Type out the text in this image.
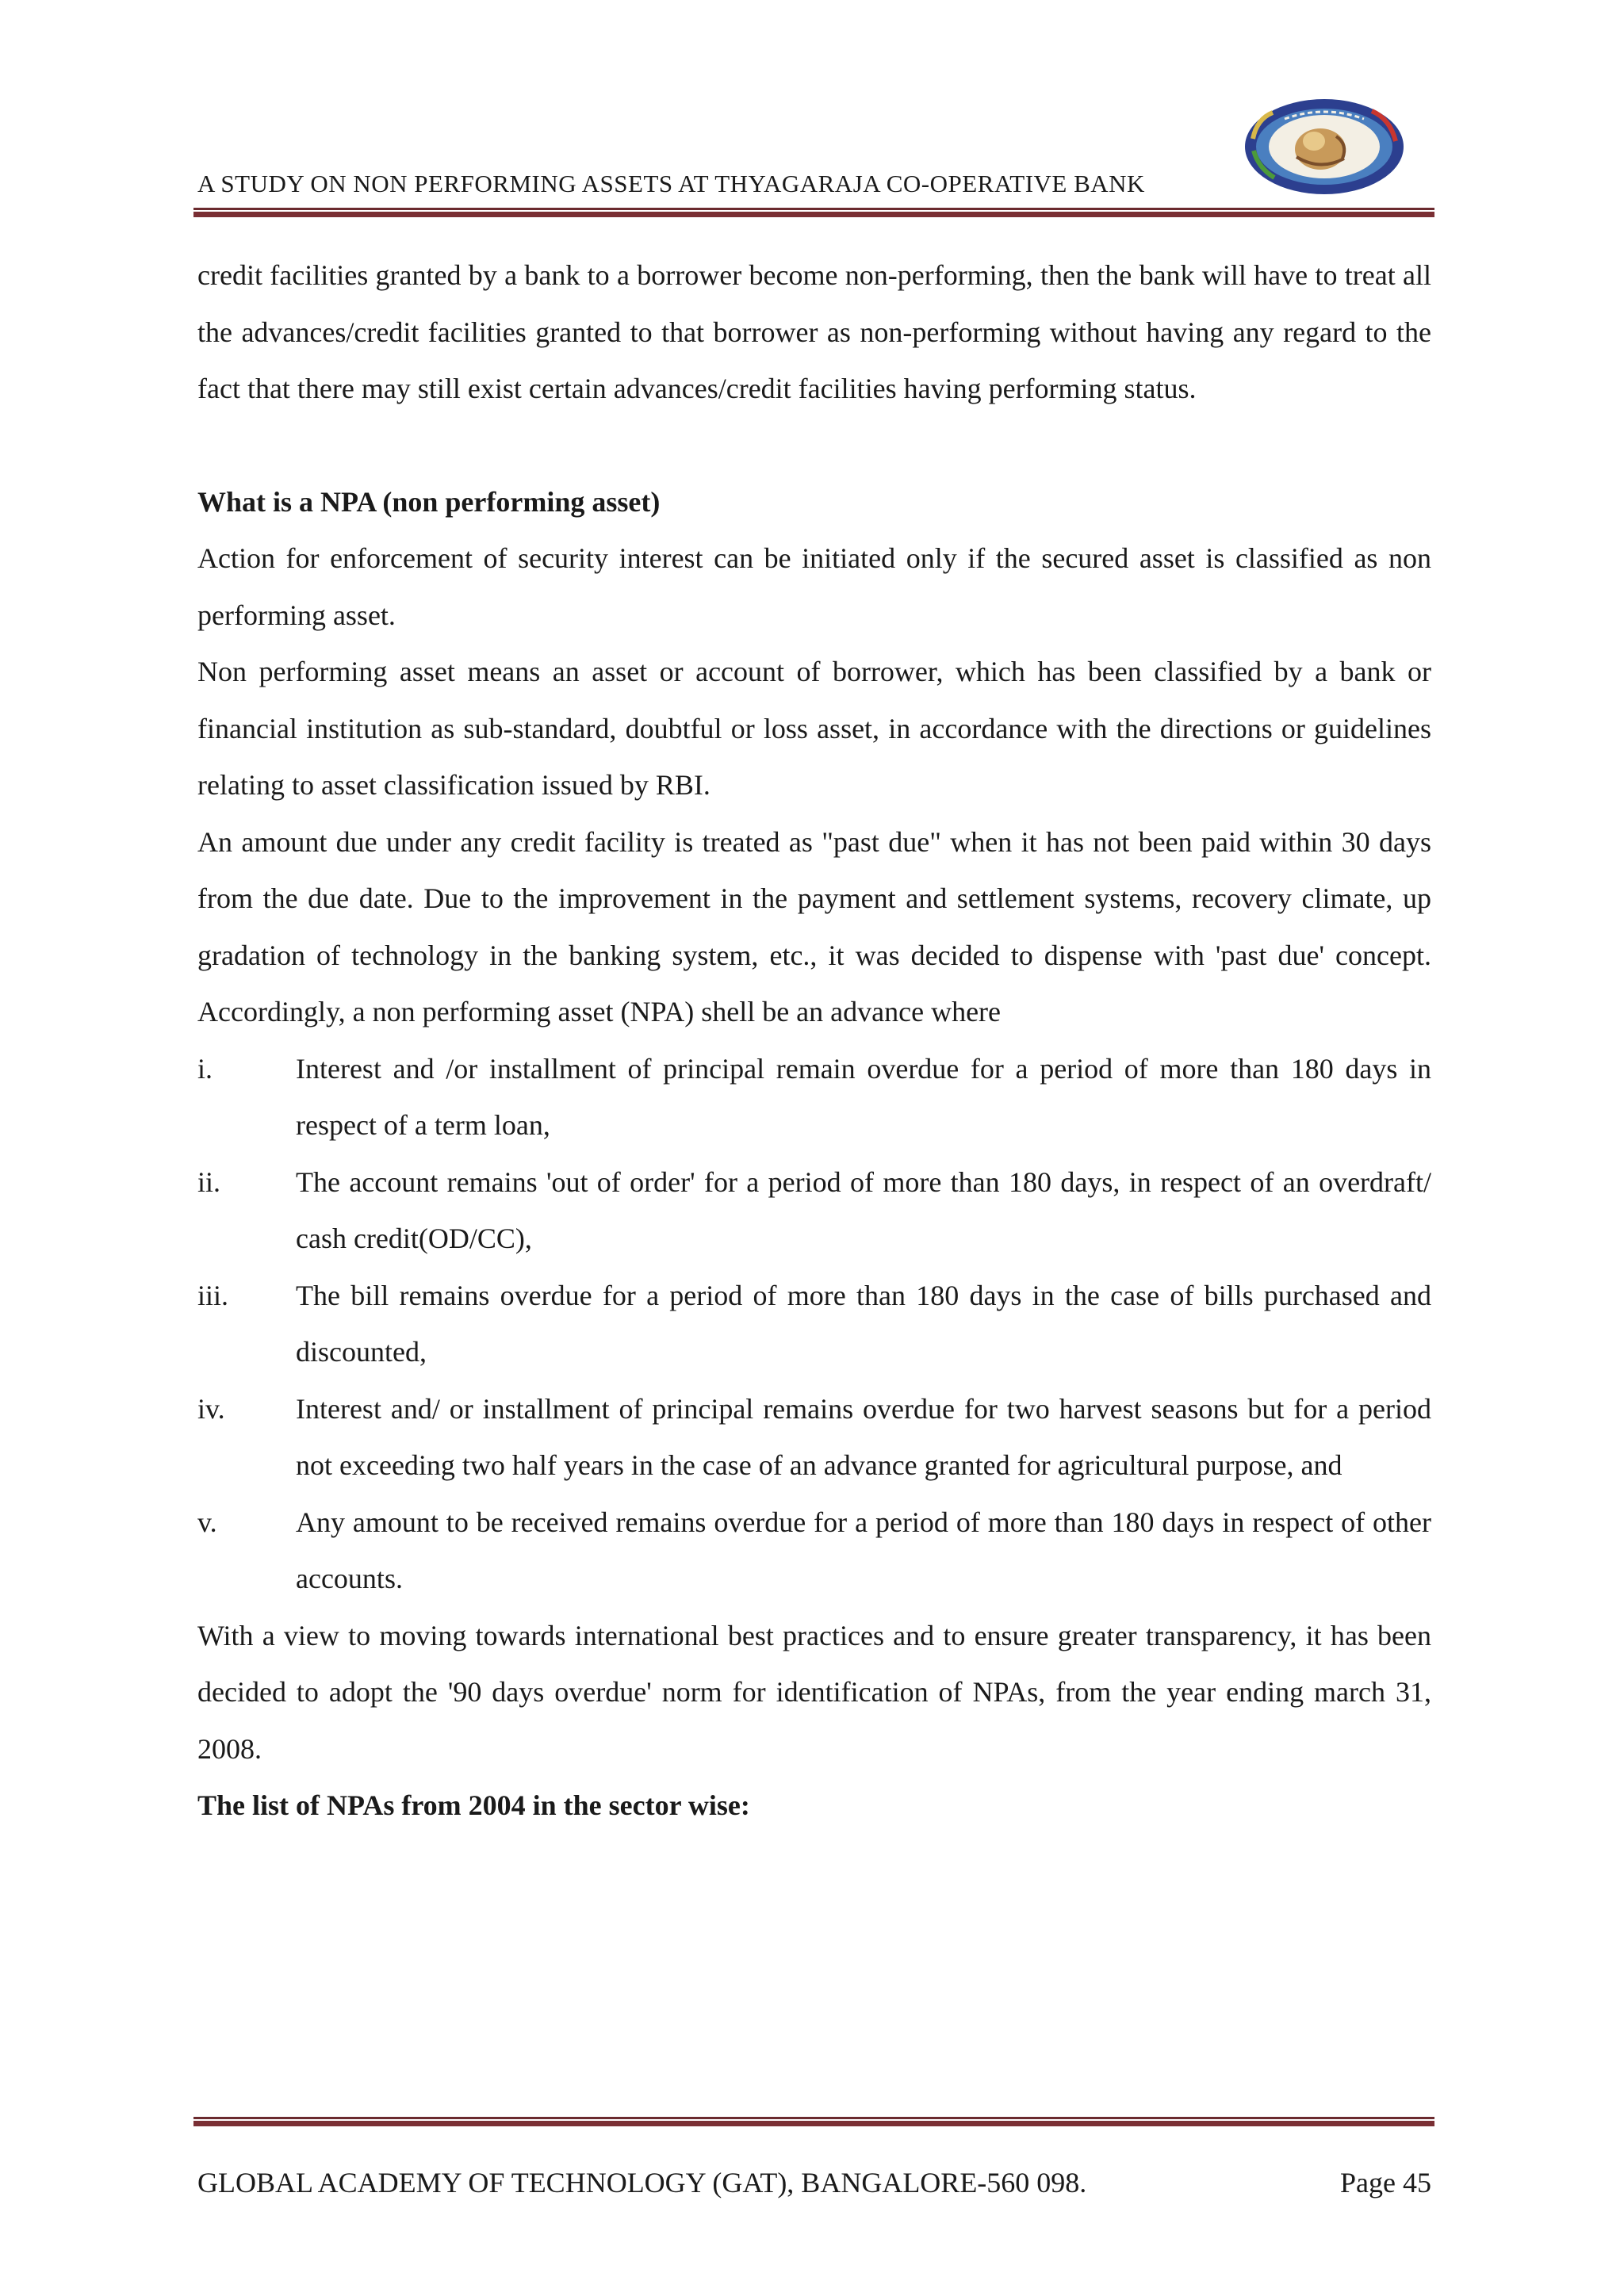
A STUDY ON NON PERFORMING ASSETS AT THYAGARAJA CO-OPERATIVE BANK

credit facilities granted by a bank to a borrower become non-performing, then the bank will have to treat all the advances/credit facilities granted to that borrower as non-performing without having any regard to the fact that there may still exist certain advances/credit facilities having performing status.

What is a NPA (non performing asset)

Action for enforcement of security interest can be initiated only if the secured asset is classified as non performing asset.

Non performing asset means an asset or account of borrower, which has been classified by a bank or financial institution as sub-standard, doubtful or loss asset, in accordance with the directions or guidelines relating to asset classification issued by RBI.

An amount due under any credit facility is treated as "past due" when it has not been paid within 30 days from the due date. Due to the improvement in the payment and settlement systems, recovery climate, up gradation of technology in the banking system, etc., it was decided to dispense with 'past due' concept. Accordingly, a non performing asset (NPA) shell be an advance where

i.	Interest and /or installment of principal remain overdue for a period of more than 180 days in respect of a term loan,
ii.	The account remains 'out of order' for a period of more than 180 days, in respect of an overdraft/ cash credit(OD/CC),
iii.	The bill remains overdue for a period of more than 180 days in the case of bills purchased and discounted,
iv.	Interest and/ or installment of principal remains overdue for two harvest seasons but for a period not exceeding two half years in the case of an advance granted for agricultural purpose, and
v.	Any amount to be received remains overdue for a period of more than 180 days in respect of other accounts.

With a view to moving towards international best practices and to ensure greater transparency, it has been decided to adopt the '90 days overdue' norm for identification of NPAs, from the year ending march 31, 2008.

The list of NPAs from 2004 in the sector wise:

GLOBAL ACADEMY OF TECHNOLOGY (GAT), BANGALORE-560 098.	Page 45
